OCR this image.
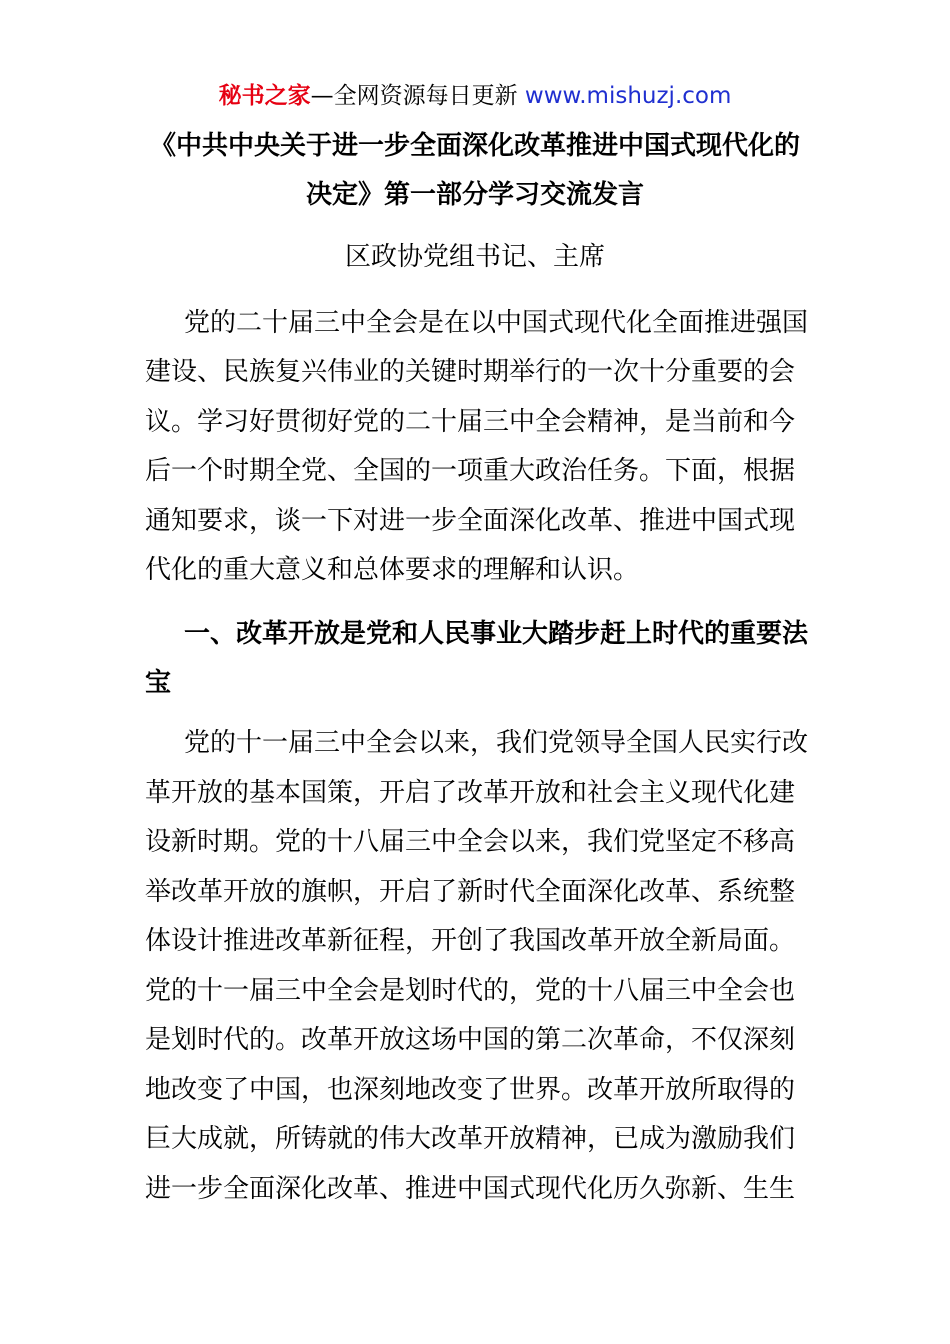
秘书之家—全网资源每日更新 www.mishuzj.com
《中共中央关于进一步全面深化改革推进中国式现代化的
决定》第一部分学习交流发言
区政协党组书记、主席
党的二十届三中全会是在以中国式现代化全面推进强国
建设、民族复兴伟业的关键时期举行的一次十分重要的会
议。学习好贯彻好党的二十届三中全会精神，是当前和今
后一个时期全党、全国的一项重大政治任务。下面，根据
通知要求，谈一下对进一步全面深化改革、推进中国式现
代化的重大意义和总体要求的理解和认识。
一、改革开放是党和人民事业大踏步赶上时代的重要法
宝
党的十一届三中全会以来，我们党领导全国人民实行改
革开放的基本国策，开启了改革开放和社会主义现代化建
设新时期。党的十八届三中全会以来，我们党坚定不移高
举改革开放的旗帜，开启了新时代全面深化改革、系统整
体设计推进改革新征程，开创了我国改革开放全新局面。
党的十一届三中全会是划时代的，党的十八届三中全会也
是划时代的。改革开放这场中国的第二次革命，不仅深刻
地改变了中国，也深刻地改变了世界。改革开放所取得的
巨大成就，所铸就的伟大改革开放精神，已成为激励我们
进一步全面深化改革、推进中国式现代化历久弥新、生生
